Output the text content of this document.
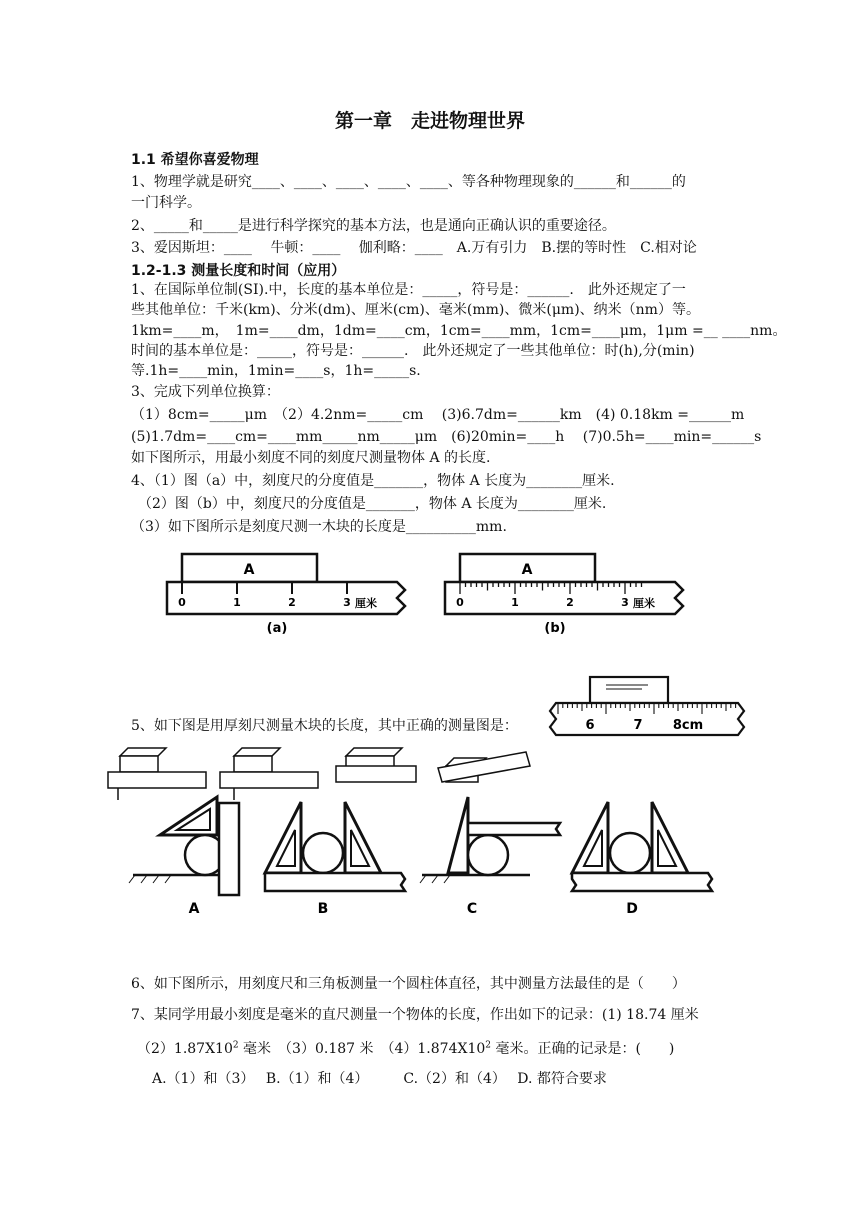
第一章　走进物理世界
1.1 希望你喜爱物理
1、物理学就是研究____、____、____、____、____、等各种物理现象的______和______的
一门科学。
2、_____和_____是进行科学探究的基本方法，也是通向正确认识的重要途径。
3、爱因斯坦：____　 牛顿：____　 伽利略：____　A.万有引力　B.摆的等时性　C.相对论
1.2-1.3 测量长度和时间（应用）
1、在国际单位制(SI).中，长度的基本单位是：_____，符号是：______.　此外还规定了一
些其他单位：千米(km)、分米(dm)、厘米(cm)、毫米(mm)、微米(μm)、纳米（nm）等。
1km=____m，　1m=____dm，1dm=____cm，1cm=____mm，1cm=____μm，1μm =__ ____nm。
时间的基本单位是：_____，符号是：______.　此外还规定了一些其他单位：时(h),分(min)
等.1h=____min，1min=____s，1h=_____s.
3、完成下列单位换算：
（1）8cm=_____μm　（2）4.2nm=_____cm　 (3)6.7dm=______km　(4) 0.18km =______m
(5)1.7dm=____cm=____mm_____nm_____μm　(6)20min=____h　 (7)0.5h=____min=______s
如下图所示，用最小刻度不同的刻度尺测量物体 A 的长度.
4、（1）图（a）中，刻度尺的分度值是_______，物体 A 长度为________厘米.
　（2）图（b）中，刻度尺的分度值是_______，物体 A 长度为________厘米.
（3）如下图所示是刻度尺测一木块的长度是__________mm.
A
0	1	2	3 厘米
(a)
A
0	1	2	3 厘米
(b)
6	7 8cm
5、如下图是用厚刻尺测量木块的长度，其中正确的测量图是：
A	B	C	D
6、如下图所示，用刻度尺和三角板测量一个圆柱体直径，其中测量方法最佳的是（　　）
7、某同学用最小刻度是毫米的直尺测量一个物体的长度，作出如下的记录：(1) 18.74 厘米
$(2)1.87X10^2$ 毫米　（3）0.187 米　$(4)1.874X10^2$ 毫米。正确的记录是：(　　)
A.（1）和（3）　 B.（1）和（4）　　　C.（2）和（4）　 D. 都符合要求
